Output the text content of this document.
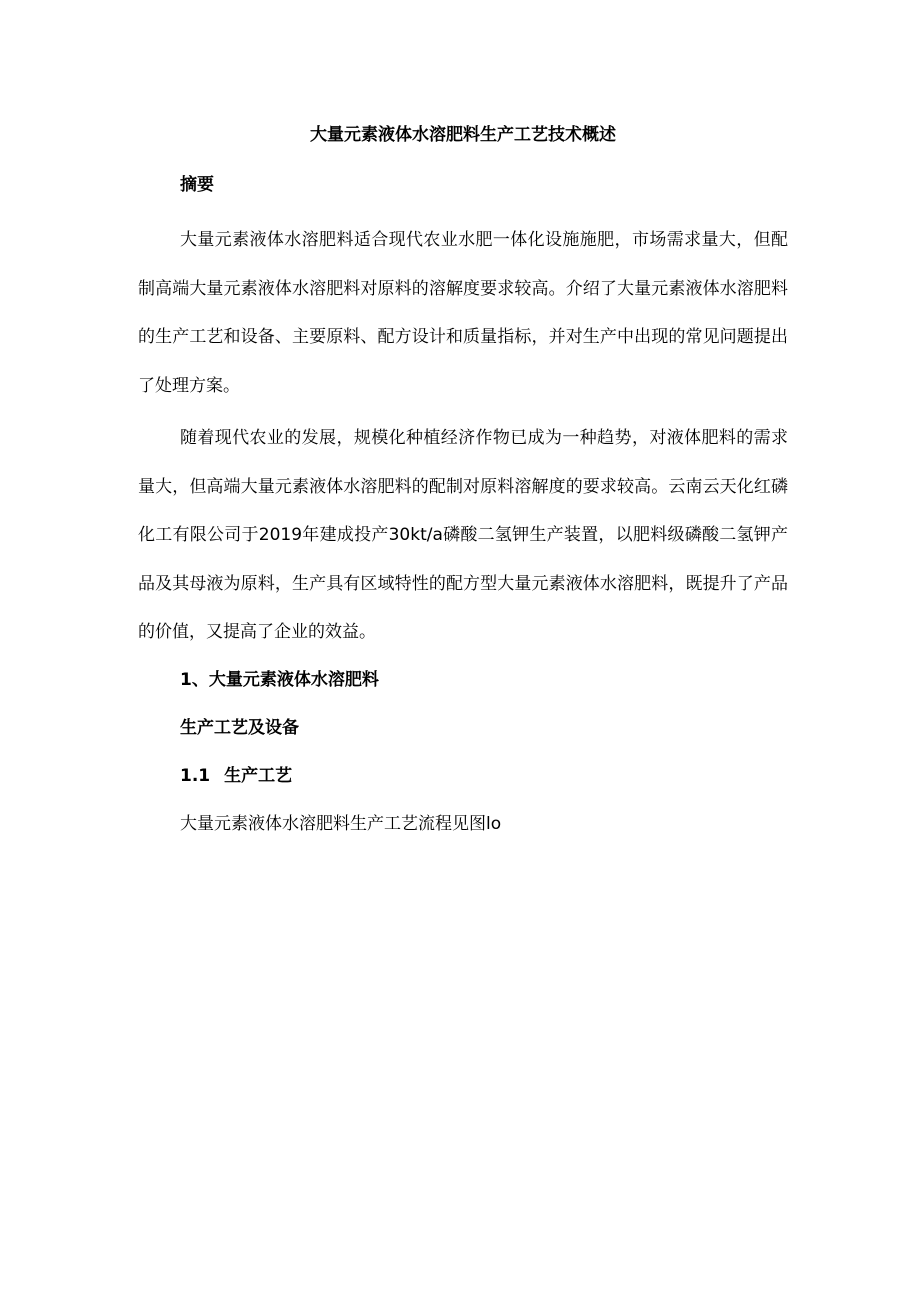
大量元素液体水溶肥料生产工艺技术概述
摘要

大量元素液体水溶肥料适合现代农业水肥一体化设施施肥，市场需求量大，但配制高端大量元素液体水溶肥料对原料的溶解度要求较高。介绍了大量元素液体水溶肥料的生产工艺和设备、主要原料、配方设计和质量指标，并对生产中出现的常见问题提出了处理方案。

随着现代农业的发展，规模化种植经济作物已成为一种趋势，对液体肥料的需求量大，但高端大量元素液体水溶肥料的配制对原料溶解度的要求较高。云南云天化红磷化工有限公司于2019年建成投产30kt/a磷酸二氢钾生产装置，以肥料级磷酸二氢钾产品及其母液为原料，生产具有区域特性的配方型大量元素液体水溶肥料，既提升了产品的价值，又提高了企业的效益。

1、大量元素液体水溶肥料
生产工艺及设备
1.1 生产工艺
大量元素液体水溶肥料生产工艺流程见图lo
